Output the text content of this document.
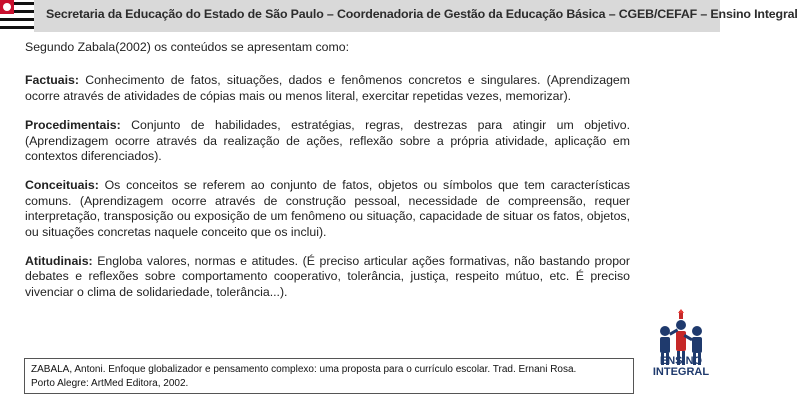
Secretaria da Educação do Estado de São Paulo – Coordenadoria de Gestão da Educação Básica – CGEB/CEFAF – Ensino Integral

Segundo Zabala(2002) os conteúdos se apresentam como:

Factuais: Conhecimento de fatos, situações, dados e fenômenos concretos e singulares. (Aprendizagem ocorre através de atividades de cópias mais ou menos literal, exercitar repetidas vezes, memorizar).

Procedimentais: Conjunto de habilidades, estratégias, regras, destrezas para atingir um objetivo. (Aprendizagem ocorre através da realização de ações, reflexão sobre a própria atividade, aplicação em contextos diferenciados).

Conceituais: Os conceitos se referem ao conjunto de fatos, objetos ou símbolos que tem características comuns. (Aprendizagem ocorre através de construção pessoal, necessidade de compreensão, requer interpretação, transposição ou exposição de um fenômeno ou situação, capacidade de situar os fatos, objetos, ou situações concretas naquele conceito que os inclui).

Atitudinais: Engloba valores, normas e atitudes. (É preciso articular ações formativas, não bastando propor debates e reflexões sobre comportamento cooperativo, tolerância, justiça, respeito mútuo, etc. É preciso vivenciar o clima de solidariedade, tolerância...).

ZABALA, Antoni. Enfoque globalizador e pensamento complexo: uma proposta para o currículo escolar. Trad. Ernani Rosa.
Porto Alegre: ArtMed Editora, 2002.
ENSINO
INTEGRAL
